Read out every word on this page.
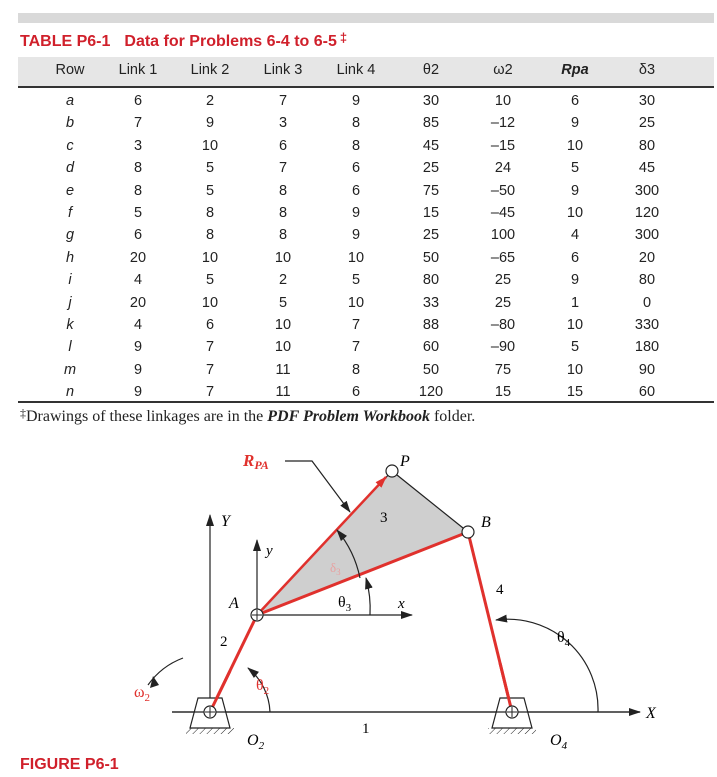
TABLE P6-1 Data for Problems 6-4 to 6-5 ‡
Row	Link 1	Link 2	Link 3	Link 4	θ2	ω2	Rpa	δ3
a	6	2	7	9	30	10	6	30
b	7	9	3	8	85	–12	9	25
c	3	10	6	8	45	–15	10	80
d	8	5	7	6	25	24	5	45
e	8	5	8	6	75	–50	9	300
f	5	8	8	9	15	–45	10	120
g	6	8	8	9	25	100	4	300
h	20	10	10	10	50	–65	6	20
i	4	5	2	5	80	25	9	80
j	20	10	5	10	33	25	1	0
k	4	6	10	7	88	–80	10	330
l	9	7	10	7	60	–90	5	180
m	9	7	11	8	50	75	10	90
n	9	7	11	6	120	15	15	60
‡Drawings of these linkages are in the PDF Problem Workbook folder.
RPA	P
B
A
Y
y
x
X
1
2
3
4
$O_2$	$O_4$
$\theta_2$
$\theta_3$
$\delta_3$
$\theta_4$
$\omega_2$
FIGURE P6-1
